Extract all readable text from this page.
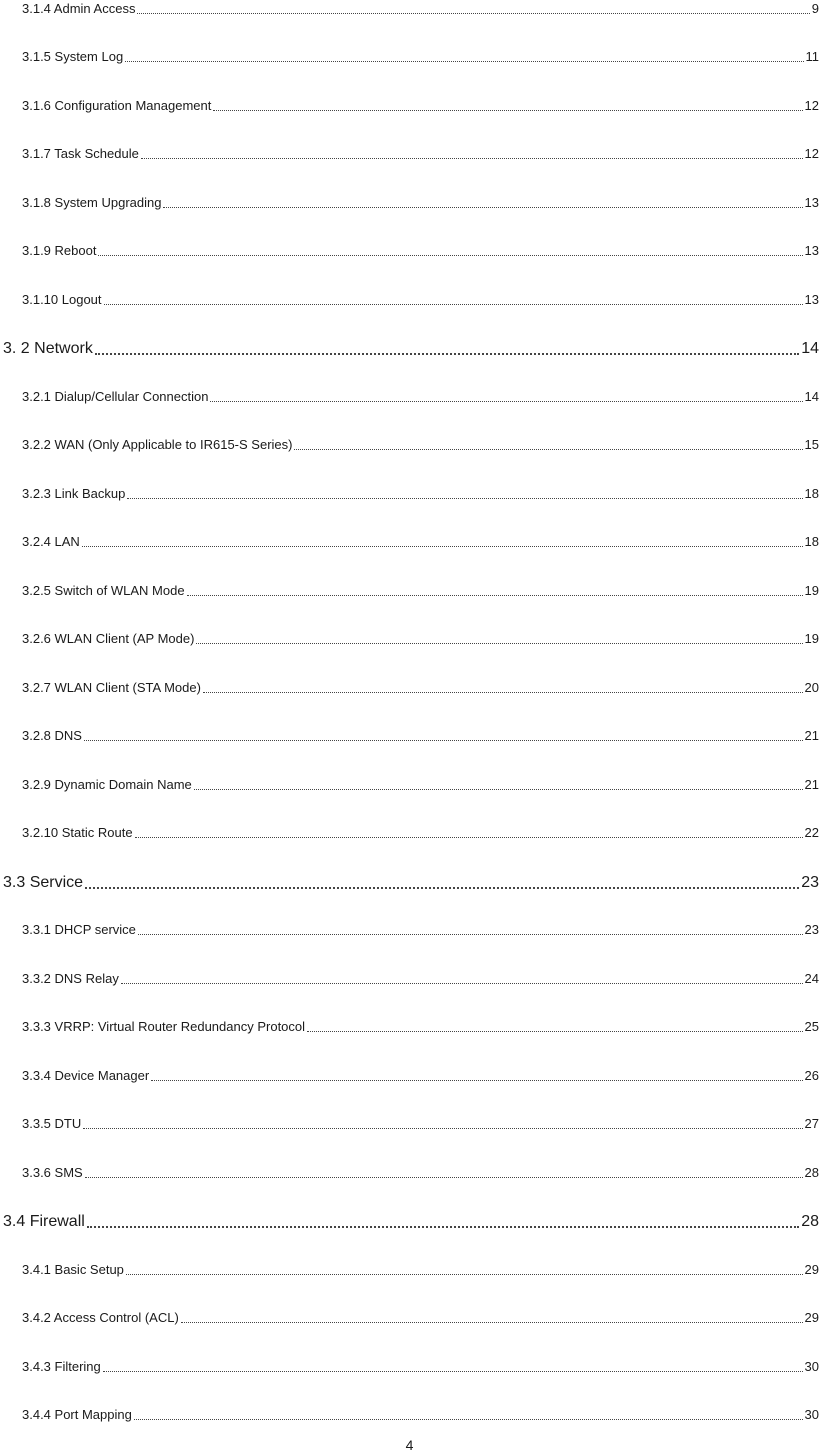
3.1.4 Admin Access	9
3.1.5 System Log	11
3.1.6 Configuration Management	12
3.1.7 Task Schedule	12
3.1.8 System Upgrading	13
3.1.9 Reboot	13
3.1.10 Logout	13
3. 2 Network	14
3.2.1 Dialup/Cellular Connection	14
3.2.2 WAN (Only Applicable to IR615-S Series)	15
3.2.3 Link Backup	18
3.2.4 LAN	18
3.2.5 Switch of WLAN Mode	19
3.2.6 WLAN Client (AP Mode)	19
3.2.7 WLAN Client (STA Mode)	20
3.2.8 DNS	21
3.2.9 Dynamic Domain Name	21
3.2.10 Static Route	22
3.3 Service	23
3.3.1 DHCP service	23
3.3.2 DNS Relay	24
3.3.3 VRRP: Virtual Router Redundancy Protocol	25
3.3.4 Device Manager	26
3.3.5 DTU	27
3.3.6 SMS	28
3.4 Firewall	28
3.4.1 Basic Setup	29
3.4.2 Access Control (ACL)	29
3.4.3 Filtering	30
3.4.4 Port Mapping	30
4
